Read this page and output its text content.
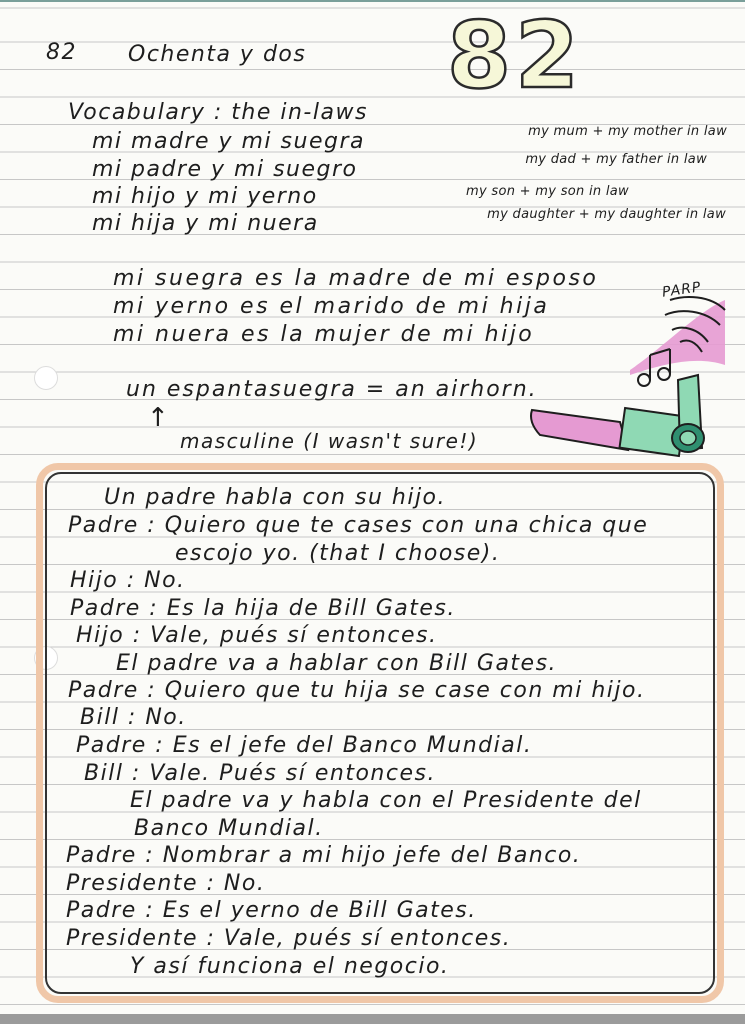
82 Ochenta y dos 82
Vocabulary : the in-laws
mi madre y mi suegra	my mum + my mother in law
mi padre y mi suegro	my dad + my father in law
mi hijo y mi yerno	my son + my son in law
mi hija y mi nuera	my daughter + my daughter in law
mi suegra es la madre de mi esposo
mi yerno es el marido de mi hija
mi nuera es la mujer de mi hijo
un espantasuegra = an airhorn.
↑
masculine (I wasn't sure!)
PARP
Un padre habla con su hijo.
Padre : Quiero que te cases con una chica que
escojo yo. (that I choose).
Hijo : No.
Padre : Es la hija de Bill Gates.
Hijo : Vale, pués sí entonces.
El padre va a hablar con Bill Gates.
Padre : Quiero que tu hija se case con mi hijo.
Bill : No.
Padre : Es el jefe del Banco Mundial.
Bill : Vale. Pués sí entonces.
El padre va y habla con el Presidente del
Banco Mundial.
Padre : Nombrar a mi hijo jefe del Banco.
Presidente : No.
Padre : Es el yerno de Bill Gates.
Presidente : Vale, pués sí entonces.
Y así funciona el negocio.
